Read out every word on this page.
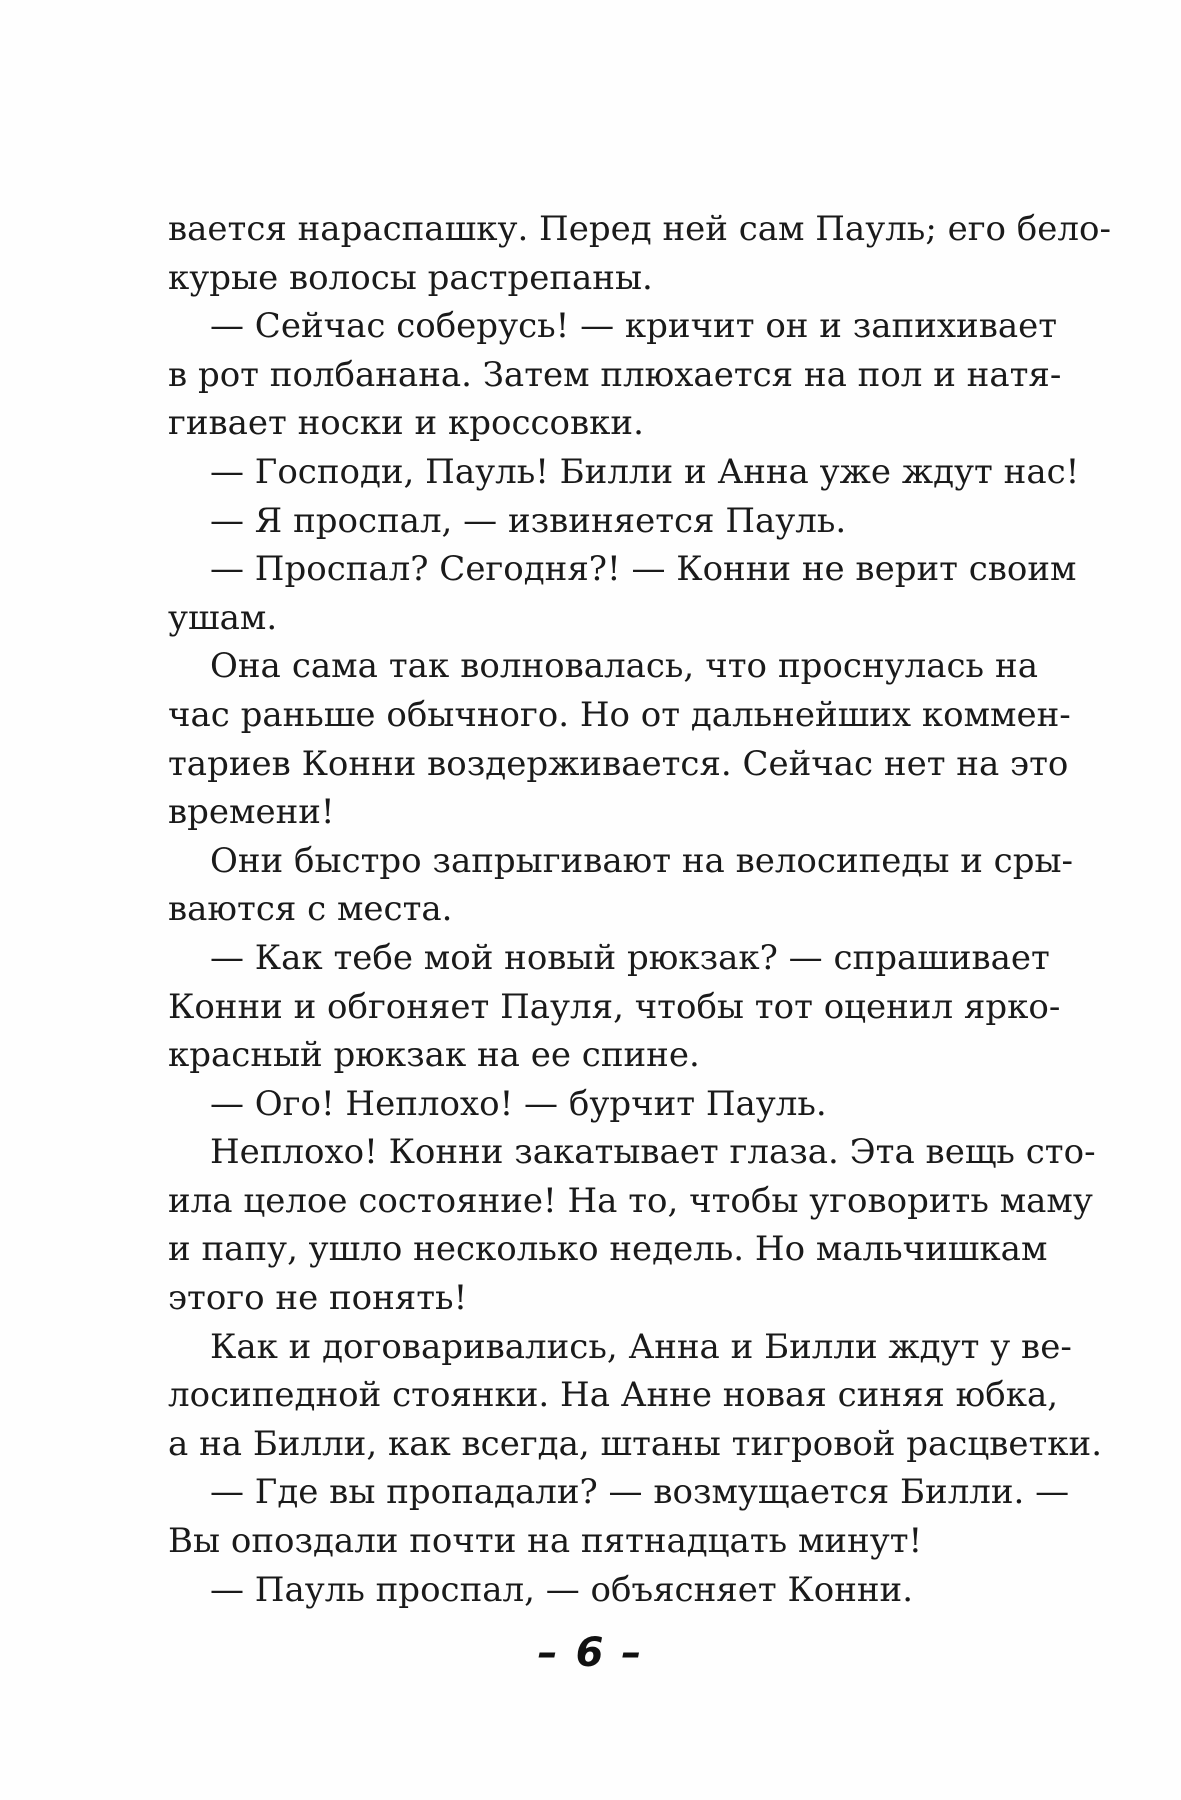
вается нараспашку. Перед ней сам Пауль; его бело-
курые волосы растрепаны.
— Сейчас соберусь! — кричит он и запихивает
в рот полбанана. Затем плюхается на пол и натя-
гивает носки и кроссовки.
— Господи, Пауль! Билли и Анна уже ждут нас!
— Я проспал, — извиняется Пауль.
— Проспал? Сегодня?! — Конни не верит своим
ушам.
Она сама так волновалась, что проснулась на
час раньше обычного. Но от дальнейших коммен-
тариев Конни воздерживается. Сейчас нет на это
времени!
Они быстро запрыгивают на велосипеды и сры-
ваются с места.
— Как тебе мой новый рюкзак? — спрашивает
Конни и обгоняет Пауля, чтобы тот оценил ярко-
красный рюкзак на ее спине.
— Ого! Неплохо! — бурчит Пауль.
Неплохо! Конни закатывает глаза. Эта вещь сто-
ила целое состояние! На то, чтобы уговорить маму
и папу, ушло несколько недель. Но мальчишкам
этого не понять!
Как и договаривались, Анна и Билли ждут у ве-
лосипедной стоянки. На Анне новая синяя юбка,
а на Билли, как всегда, штаны тигровой расцветки.
— Где вы пропадали? — возмущается Билли. —
Вы опоздали почти на пятнадцать минут!
— Пауль проспал, — объясняет Конни.
– 6 –
